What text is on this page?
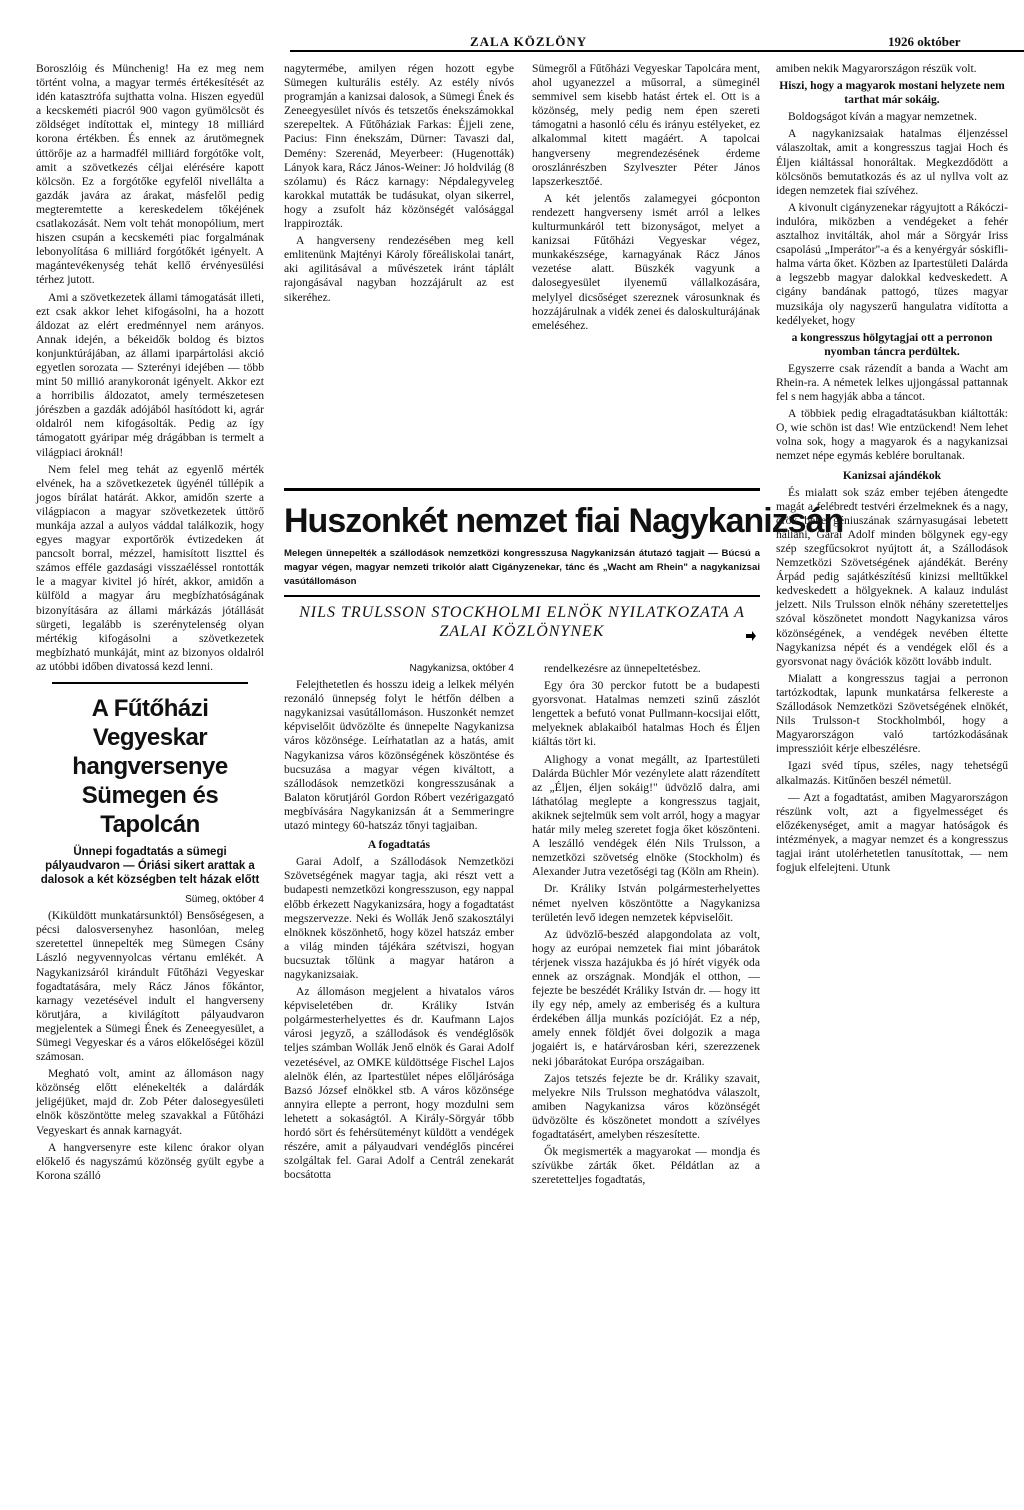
ZALA KÖZLÖNY	1926 október

Boroszlóig és Münchenig! Ha ez meg nem történt volna, a magyar termés értékesítését az idén katasztrófa sujthatta volna. Hiszen egyedül a kecskeméti piacról 900 vagon gyümölcsöt és zöldséget indítottak el, mintegy 18 milliárd korona értékben. És ennek az árutömegnek úttörője az a harmadfél milliárd forgótőke volt, amit a szövetkezés céljai elérésére kapott kölcsön. Ez a forgótőke egyfelől nivellálta a gazdák javára az árakat, másfelől pedig megteremtette a kereskedelem tőkéjének csatlakozását. Nem volt tehát monopólium, mert hiszen csupán a kecskeméti piac forgalmának lebonyolítása 6 milliárd forgótőkét igényelt. A magántevékenység tehát kellő érvényesülési térhez jutott.

Ami a szövetkezetek állami támogatását illeti, ezt csak akkor lehet kifogásolni, ha a hozott áldozat az elért eredménnyel nem arányos. Annak idején, a békeidők boldog és biztos konjunktúrájában, az állami iparpártolási akció egyetlen sorozata — Szterényi idejében — több mint 50 millió aranykoronát igényelt. Akkor ezt a horribilis áldozatot, amely természetesen jórészben a gazdák adójából hasítódott ki, agrár oldalról nem kifogásolták. Pedig az így támogatott gyáripar még drágábban is termelt a világpiaci ároknál!

Nem felel meg tehát az egyenlő mérték elvének, ha a szövetkezetek ügyénél túllépik a jogos bírálat határát. Akkor, amidőn szerte a világpiacon a magyar szövetkezetek úttörő munkája azzal a aulyos váddal találkozik, hogy egyes magyar exportőrök évtizedeken át pancsolt borral, mézzel, hamisított liszttel és számos efféle gazdasági visszaéléssel rontották le a magyar kivitel jó hírét, akkor, amidőn a külföld a magyar áru megbízhatóságának bizonyítására az állami márkázás jótállását sürgeti, legalább is szerénytelenség olyan mértékig kifogásolni a szövetkezetek megbízható munkáját, mint az bizonyos oldalról az utóbbi időben divatossá kezd lenni.

A Fűtőházi Vegyeskar hangversenye Sümegen és Tapolcán
Ünnepi fogadtatás a sümegi pályaudvaron — Óriási sikert arattak a dalosok a két községben telt házak előtt
Sümeg, október 4

(Kiküldött munkatársunktól) Bensőségesen, a pécsi dalosversenyhez hasonlóan, meleg szeretettel ünnepelték meg Sümegen Csány László negyvennyolcas vértanu emlékét. A Nagykanizsáról kirándult Fűtőházi Vegyeskar fogadtatására, mely Rácz János főkántor, karnagy vezetésével indult el hangverseny körutjára, a kivilágított pályaudvaron megjelentek a Sümegi Ének és Zeneegyesület, a Sümegi Vegyeskar és a város előkelőségei közül számosan.

Megható volt, amint az állomáson nagy közönség előtt elénekelték a dalárdák jeligéjüket, majd dr. Zob Péter dalosegyesületi elnök köszöntötte meleg szavakkal a Fűtőházi Vegyeskart és annak karnagyát.

A hangversenyre este kilenc órakor olyan előkelő és nagyszámú közönség gyült egybe a Korona szálló

nagytermébe, amilyen régen hozott egybe Sümegen kulturális estély. Az estély nívós programján a kanizsai dalosok, a Sümegi Ének és Zeneegyesület nívós és tetszetős énekszámokkal szerepeltek. A Fűtőháziak Farkas: Éjjeli zene, Pacius: Finn énekszám, Dürner: Tavaszi dal, Demény: Szerenád, Meyerbeer: (Hugenották) Lányok kara, Rácz János-Weiner: Jó holdvilág (8 szólamu) és Rácz karnagy: Népdalegyveleg karokkal mutatták be tudásukat, olyan sikerrel, hogy a zsufolt ház közönségét valósággal lrappirozták.

A hangverseny rendezésében meg kell emlitenünk Majtényi Károly főreáliskolai tanárt, aki agilitásával a művészetek iránt táplált rajongásával nagyban hozzájárult az est sikeréhez.

Sümegről a Fűtőházi Vegyeskar Tapolcára ment, ahol ugyanezzel a műsorral, a sümeginél semmivel sem kisebb hatást értek el. Ott is a közönség, mely pedig nem épen szereti támogatni a hasonló célu és irányu estélyeket, ez alkalommal kitett magáért. A tapolcai hangverseny megrendezésének érdeme oroszlánrészben Szylveszter Péter János lapszerkesztőé.

A két jelentős zalamegyei gócponton rendezett hangverseny ismét arról a lelkes kulturmunkáról tett bizonyságot, melyet a kanizsai Fűtőházi Vegyeskar végez, munkakészsége, karnagyának Rácz János vezetése alatt. Büszkék vagyunk a dalosegyesület ilyenemű vállalkozására, melylyel dicsőséget szereznek városunknak és hozzájárulnak a vidék zenei és daloskulturájának emeléséhez.

Huszonkét nemzet fiai Nagykanizsán
Melegen ünnepelték a szállodások nemzetközi kongresszusa Nagykanizsán átutazó tagjait — Búcsú a magyar végen, magyar nemzeti trikolór alatt Cigányzenekar, tánc és „Wacht am Rhein" a nagykanizsai vasútállomáson
NILS TRULSSON STOCKHOLMI ELNÖK NYILATKOZATA A ZALAI KÖZLÖNYNEK
Nagykanizsa, október 4

Felejthetetlen és hosszu ideig a lelkek mélyén rezonáló ünnepség folyt le hétfőn délben a nagykanizsai vasútállomáson. Huszonkét nemzet képviselőit üdvözölte és ünnepelte Nagykanizsa város közönsége. Leírhatatlan az a hatás, amit Nagykanizsa város közönségének köszöntése és bucsuzása a magyar végen kiváltott, a szállodások nemzetközi kongresszusának a Balaton körutjáról Gordon Róbert vezérigazgató megbívására Nagykanizsán át a Semmeringre utazó mintegy 60-hatszáz tőnyi tagjaiban.

A fogadtatás

Garai Adolf, a Szállodások Nemzetközi Szövetségének magyar tagja, aki részt vett a budapesti nemzetközi kongresszuson, egy nappal előbb érkezett Nagykanizsára, hogy a fogadtatást megszervezze. Neki és Wollák Jenő szakosztályi elnöknek köszönhető, hogy közel hatszáz ember a világ minden tájékára szétviszi, hogyan bucsuztak tőlünk a magyar határon a nagykanizsaiak.

Az állomáson megjelent a hivatalos város képviseletében dr. Králiky István polgármesterhelyettes és dr. Kaufmann Lajos városi jegyző, a szállodások és vendéglősök teljes számban Wollák Jenő elnök és Garai Adolf vezetésével, az OMKE küldöttsége Fischel Lajos alelnök élén, az Ipartestület népes előljárósága Bazsó József elnökkel stb. A város közönsége annyira ellepte a perront, hogy mozdulni sem lehetett a sokaságtól. A Király-Sörgyár tőbb hordó sört és fehérsüteményt küldött a vendégek részére, amit a pályaudvari vendéglős pincérei szolgáltak fel. Garai Adolf a Centrál zenekarát bocsátotta

rendelkezésre az ünnepeltetésbez.

Egy óra 30 perckor futott be a budapesti gyorsvonat. Hatalmas nemzeti szinű zászlót lengettek a befutó vonat Pullmann-kocsijai előtt, melyeknek ablakaiból hatalmas Hoch és Éljen kiáltás tört ki.

Alighogy a vonat megállt, az Ipartestületi Dalárda Büchler Mór vezénylete alatt rázendített az „Éljen, éljen sokáig!" üdvözlő dalra, ami láthatólag meglepte a kongresszus tagjait, akiknek sejtelmük sem volt arról, hogy a magyar határ mily meleg szeretet fogja őket köszönteni. A leszálló vendégek élén Nils Trulsson, a nemzetközi szövetség elnöke (Stockholm) és Alexander Jutra vezetőségi tag (Köln am Rhein).

Dr. Králiky István polgármesterhelyettes német nyelven köszöntötte a Nagykanizsa területén levő idegen nemzetek képviselőit.

Az üdvözlő-beszéd alapgondolata az volt, hogy az európai nemzetek fiai mint jóbarátok térjenek vissza hazájukba és jó hírét vigyék oda ennek az országnak. Mondják el otthon, — fejezte be beszédét Králiky István dr. — hogy itt ily egy nép, amely az emberiség és a kultura érdekében állja munkás pozícióját. Ez a nép, amely ennek földjét ővei dolgozik a maga jogaiért is, e határvárosban kéri, szerezzenek neki jóbarátokat Európa országaiban.

Zajos tetszés fejezte be dr. Králiky szavait, melyekre Nils Trulsson meghatódva válaszolt, amiben Nagykanizsa város közönségét üdvözölte és köszönetet mondott a szívélyes fogadtatásért, amelyben részesítette.

Ők megismerték a magyarokat — mondja és szívükbe zárták őket. Példátlan az a szeretetteljes fogadtatás,

amiben nekik Magyarországon részük volt.

Hiszi, hogy a magyarok mostani helyzete nem tarthat már sokáig.

Boldogságot kíván a magyar nemzetnek.

A nagykanizsaiak hatalmas éljenzéssel válaszoltak, amit a kongresszus tagjai Hoch és Éljen kiáltással honoráltak. Megkezdődött a kölcsönös bemutatkozás és az ul nyllva volt az idegen nemzetek fiai szívéhez.

A kivonult cigányzenekar rágyujtott a Rákóczi-indulóra, miközben a vendégeket a fehér asztalhoz invitálták, ahol már a Sörgyár Iriss csapolású „Imperátor"-a és a kenyérgyár sóskifli-halma várta őket. Közben az Ipartestületi Dalárda a legszebb magyar dalokkal kedveskedett. A cigány bandának pattogó, tüzes magyar muzsikája oly nagyszerű hangulatra vidította a kedélyeket, hogy

a kongresszus hölgytagjai ott a perronon nyomban táncra perdültek.

Egyszerre csak rázendít a banda a Wacht am Rhein-ra. A németek lelkes ujjongással pattannak fel s nem hagyják abba a táncot.

A többiek pedig elragadtatásukban kiáltották: O, wie schön ist das! Wie entzückend! Nem lehet volna sok, hogy a magyarok és a nagykanizsai nemzet népe egymás keblére borultanak.

Kanizsai ajándékok

És mialatt sok száz ember tejében átengedte magát a felébredt testvéri érzelmeknek és a nagy, örök béke géniuszának szárnyasugásai lebetett hallani, Garai Adolf minden bölgynek egy-egy szép szegfűcsokrot nyújtott át, a Szállodások Nemzetközi Szövetségének ajándékát. Berény Árpád pedig sajátkészítésű kinizsi melltűkkel kedveskedett a hölgyeknek. A kalauz indulást jelzett. Nils Trulsson elnök néhány szeretetteljes szóval köszönetet mondott Nagykanizsa város közönségének, a vendégek nevében éltette Nagykanizsa népét és a vendégek elől és a gyorsvonat nagy övációk között lovább indult.

Mialatt a kongresszus tagjai a perronon tartózkodtak, lapunk munkatársa felkereste a Szállodások Nemzetközi Szövetségének elnökét, Nils Trulsson-t Stockholmból, hogy a Magyarországon való tartózkodásának impresszióit kérje elbeszélésre.

Igazi svéd típus, széles, nagy tehetségű alkalmazás. Kitűnően beszél németül.

— Azt a fogadtatást, amiben Magyarországon részünk volt, azt a figyelmességet és előzékenységet, amit a magyar hatóságok és intézmények, a magyar nemzet és a kongresszus tagjai iránt utolérhetetlen tanusítottak, — nem fogjuk elfelejteni. Utunk
